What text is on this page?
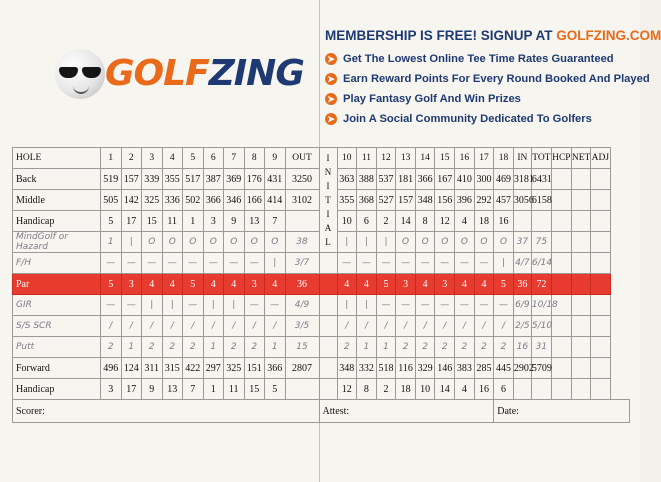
GOLFZING
MEMBERSHIP IS FREE! SIGNUP AT GOLFZING.COM
➤ Get The Lowest Online Tee Time Rates Guaranteed
➤ Earn Reward Points For Every Round Booked And Played
➤ Play Fantasy Golf And Win Prizes
➤ Join A Social Community Dedicated To Golfers
HOLE	1	2	3	4	5	6	7	8	9	OUT	INITIAL	10	11	12	13	14	15	16	17	18	IN	TOT	HCP	NET	ADJ
Back	519	157	339	355	517	387	369	176	431	3250		363	388	537	181	366	167	410	300	469	3181	6431			
Middle	505	142	325	336	502	366	346	166	414	3102		355	368	527	157	348	156	396	292	457	3056	6158			
Handicap	5	17	15	11	1	3	9	13	7			10	6	2	14	8	12	4	18	16					
MindGolf or Hazard	1	|	O	O	O	O	O	O	O	38		|	|	|	O	O	O	O	O	O	37	75			
F/H	—	—	—	—	—	—	—	—	|	3/7		—	—	—	—	—	—	—	—	|	4/7	6/14			
Par	5	3	4	4	5	4	4	3	4	36		4	4	5	3	4	3	4	4	5	36	72			
GIR	—	—	|	|	—	|	|	—	—	4/9		|	|	—	—	—	—	—	—	—	6/9	10/18			
S/S SCR	/	/	/	/	/	/	/	/	/	3/5		/	/	/	/	/	/	/	/	/	2/5	5/10			
Putt	2	1	2	2	2	1	2	2	1	15		2	1	1	2	2	2	2	2	2	16	31			
Forward	496	124	311	315	422	297	325	151	366	2807		348	332	518	116	329	146	383	285	445	2902	5709			
Handicap	3	17	9	13	7	1	11	15	5			12	8	2	18	10	14	4	16	6					
Scorer:											Attest:									Date:					
